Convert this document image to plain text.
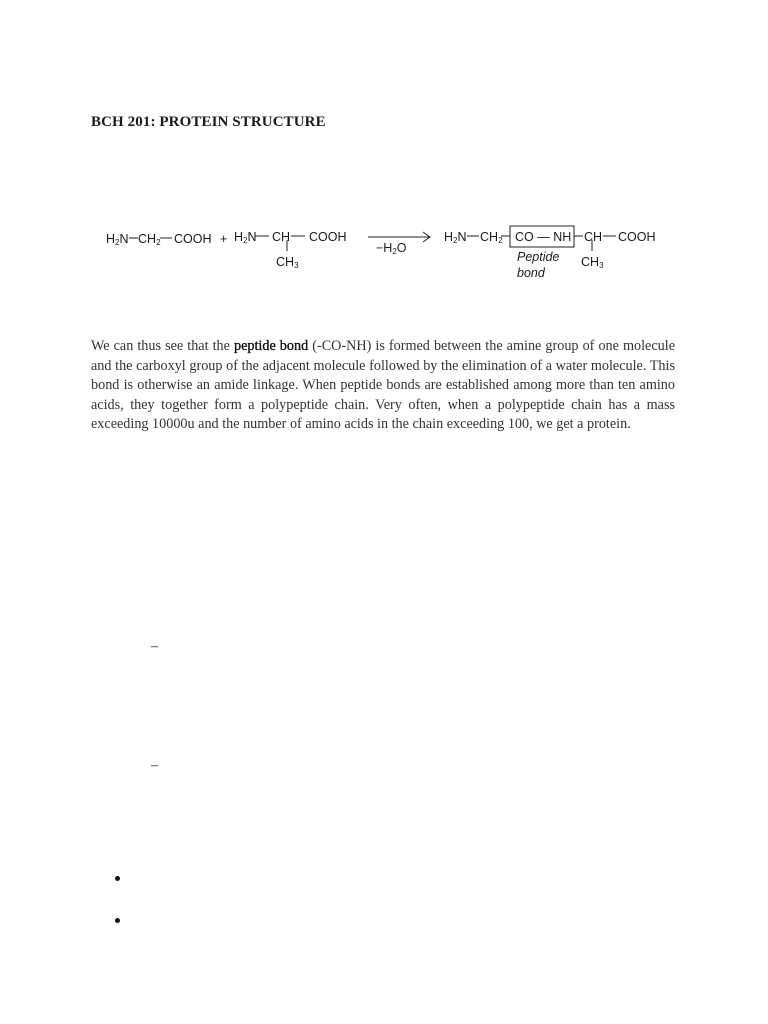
BCH 201: PROTEIN STRUCTURE
$H_2N$ $CH_2$ COOH + $H_2N$ CH COOH
$CH_3$
$-H_2O$
$H_2N$ $CH_2$ CO — NH CH COOH
$CH_3$
Peptide
bond

We can thus see that the peptide bond (-CO-NH) is formed between the amine group of one molecule and the carboxyl group of the adjacent molecule followed by the elimination of a water molecule. This bond is otherwise an amide linkage. When peptide bonds are established among more than ten amino acids, they together form a polypeptide chain. Very often, when a polypeptide chain has a mass exceeding 10000u and the number of amino acids in the chain exceeding 100, we get a protein.

–
–
